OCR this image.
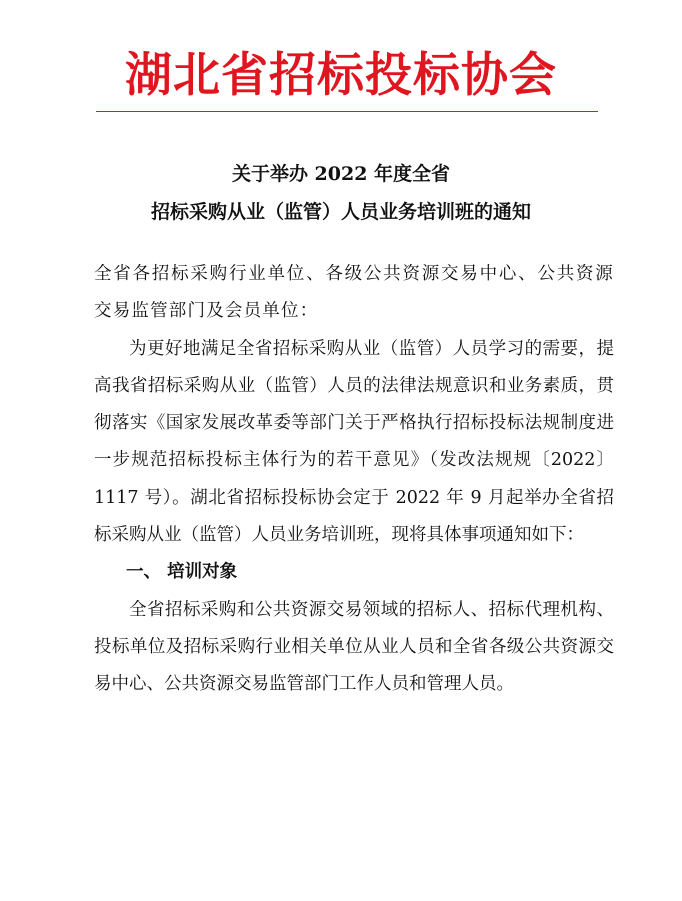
湖北省招标投标协会
关于举办 2022 年度全省
招标采购从业（监管）人员业务培训班的通知

全省各招标采购行业单位、各级公共资源交易中心、公共资源交易监管部门及会员单位：

为更好地满足全省招标采购从业（监管）人员学习的需要，提高我省招标采购从业（监管）人员的法律法规意识和业务素质，贯彻落实《国家发展改革委等部门关于严格执行招标投标法规制度进一步规范招标投标主体行为的若干意见》（发改法规规〔2022〕1117 号）。湖北省招标投标协会定于 2022 年 9 月起举办全省招标采购从业（监管）人员业务培训班，现将具体事项通知如下：

一、 培训对象

全省招标采购和公共资源交易领域的招标人、招标代理机构、投标单位及招标采购行业相关单位从业人员和全省各级公共资源交易中心、公共资源交易监管部门工作人员和管理人员。
